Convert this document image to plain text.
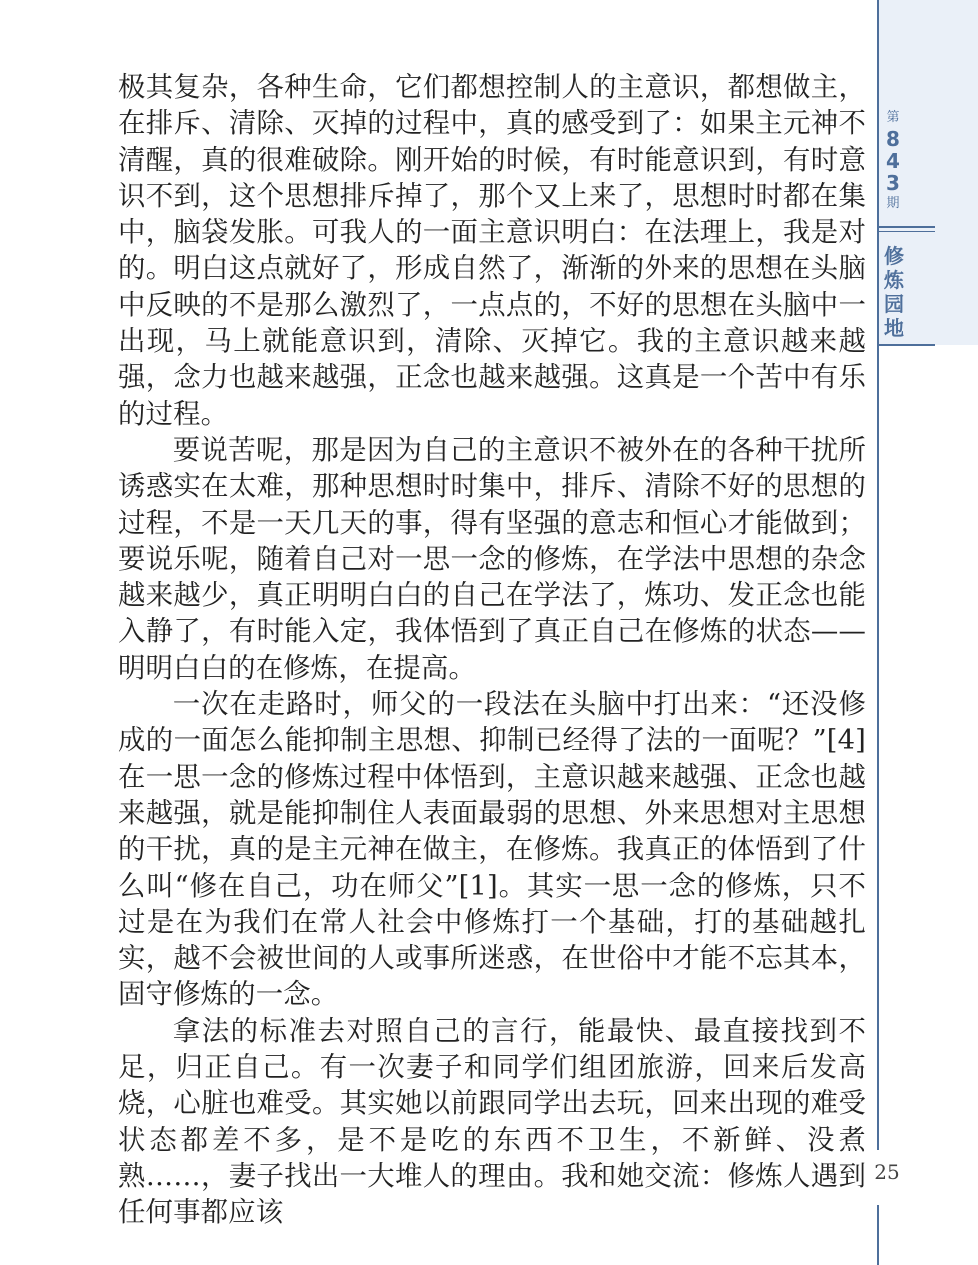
极其复杂，各种生命，它们都想控制人的主意识，都想做主，在排斥、清除、灭掉的过程中，真的感受到了：如果主元神不清醒，真的很难破除。刚开始的时候，有时能意识到，有时意识不到，这个思想排斥掉了，那个又上来了，思想时时都在集中，脑袋发胀。可我人的一面主意识明白：在法理上，我是对的。明白这点就好了，形成自然了，渐渐的外来的思想在头脑中反映的不是那么激烈了，一点点的，不好的思想在头脑中一出现，马上就能意识到，清除、灭掉它。我的主意识越来越强，念力也越来越强，正念也越来越强。这真是一个苦中有乐的过程。

要说苦呢，那是因为自己的主意识不被外在的各种干扰所诱惑实在太难，那种思想时时集中，排斥、清除不好的思想的过程，不是一天几天的事，得有坚强的意志和恒心才能做到；要说乐呢，随着自己对一思一念的修炼，在学法中思想的杂念越来越少，真正明明白白的自己在学法了，炼功、发正念也能入静了，有时能入定，我体悟到了真正自己在修炼的状态——明明白白的在修炼，在提高。

一次在走路时，师父的一段法在头脑中打出来：“还没修成的一面怎么能抑制主思想、抑制已经得了法的一面呢？”[4]在一思一念的修炼过程中体悟到，主意识越来越强、正念也越来越强，就是能抑制住人表面最弱的思想、外来思想对主思想的干扰，真的是主元神在做主，在修炼。我真正的体悟到了什么叫“修在自己，功在师父”[1]。其实一思一念的修炼，只不过是在为我们在常人社会中修炼打一个基础，打的基础越扎实，越不会被世间的人或事所迷惑，在世俗中才能不忘其本，固守修炼的一念。

拿法的标准去对照自己的言行，能最快、最直接找到不足，归正自己。有一次妻子和同学们组团旅游，回来后发高烧，心脏也难受。其实她以前跟同学出去玩，回来出现的难受状态都差不多，是不是吃的东西不卫生，不新鲜、没煮熟……，妻子找出一大堆人的理由。我和她交流：修炼人遇到任何事都应该

第
8
4
3
期
修
炼
园
地
25
